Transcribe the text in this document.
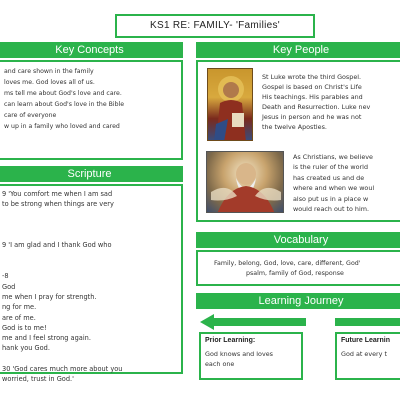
KS1 RE: FAMILY- 'Families'
Key Concepts
and care shown in the family
loves me. God loves all of us.
ms tell me about God's love and care.
can learn about God's love in the Bible
care of everyone
w up in a family who loved and cared
Scripture
9 'You comfort me when I am sad
to be strong when things are very

9 'I am glad and I thank God who

-8
God
me when I pray for strength.
ng for me.
are of me.
God is to me!
me and I feel strong again.
hank you God.

30 'God cares much more about you
worried, trust in God.'
Key People
St Luke wrote the third Gospel.
Gospel is based on Christ's Life
His teachings. His parables and
Death and Resurrection. Luke nev
Jesus in person and he was not
the twelve Apostles.
As Christians, we believe
is the ruler of the world
has created us and de
where and when we woul
also put us in a place w
would reach out to him.
Vocabulary
Family, belong, God, love, care, different, God'
psalm, family of God, response
Learning Journey
Prior Learning:
God knows and loves
each one
Future Learnin
God at every t
